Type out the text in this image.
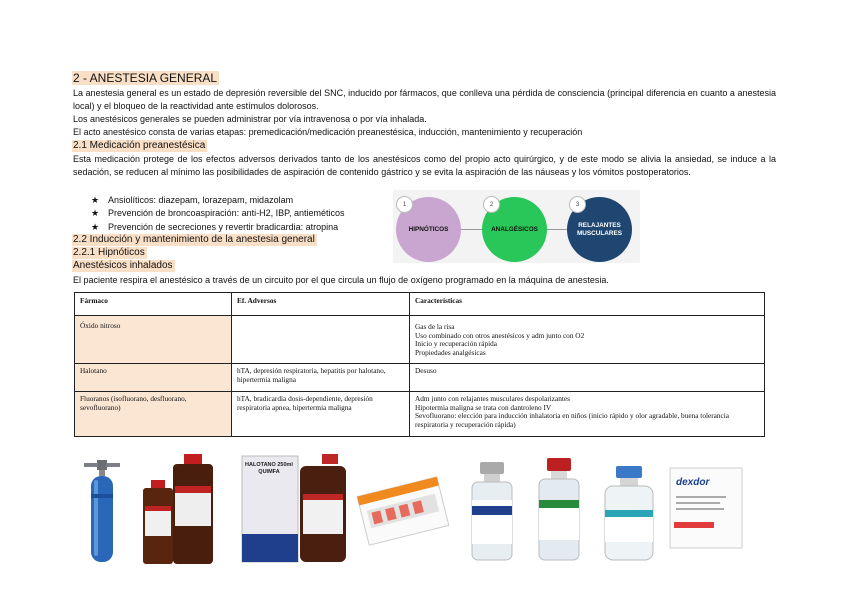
2 - ANESTESIA GENERAL

La anestesia general es un estado de depresión reversible del SNC, inducido por fármacos, que conlleva una pérdida de consciencia (principal diferencia en cuanto a anestesia local) y el bloqueo de la reactividad ante estímulos dolorosos.

Los anestésicos generales se pueden administrar por vía intravenosa o por vía inhalada.

El acto anestésico consta de varias etapas: premedicación/medicación preanestésica, inducción, mantenimiento y recuperación

2.1 Medicación preanestésica

Esta medicación protege de los efectos adversos derivados tanto de los anestésicos como del propio acto quirúrgico, y de este modo se alivia la ansiedad, se induce a la sedación, se reducen al mínimo las posibilidades de aspiración de contenido gástrico y se evita la aspiración de las náuseas y los vómitos postoperatorios.

★ Ansiolíticos: diazepam, lorazepam, midazolam
★ Prevención de broncoaspiración: anti-H2, IBP, antieméticos
★ Prevención de secreciones y revertir bradicardia: atropina	HIPNÓTICOS
1
ANALGÉSICOS
2
RELAJANTES MUSCULARES
3
2.2 Inducción y mantenimiento de la anestesia general
2.2.1 Hipnóticos
Anestésicos inhalados

El paciente respira el anestésico a través de un circuito por el que circula un flujo de oxígeno programado en la máquina de anestesia.

Fármaco	Ef. Adversos	Características
Óxido nitroso		Gas de la risa
Uso combinado con otros anestésicos y adm junto con O2
Inicio y recuperación rápida
Propiedades analgésicas

Halotano	hTA, depresión respiratoria, hepatitis por halotano, hipertermia maligna	Desuso

Fluoranos (isofluorano, desfluorano, sevofluorano)	hTA, bradicardia dosis-dependiente, depresión respiratoria apnea, hipertermia maligna	Adm junto con relajantes musculares despolarizantes
Hipotermia maligna se trata con dantroleno IV
Sevofluorano: elección para inducción inhalatoria en niños (inicio rápido y olor agradable, buena tolerancia respiratoria y recuperación rápida)
HALOTANO 250ml QUIMFA
dexdor
